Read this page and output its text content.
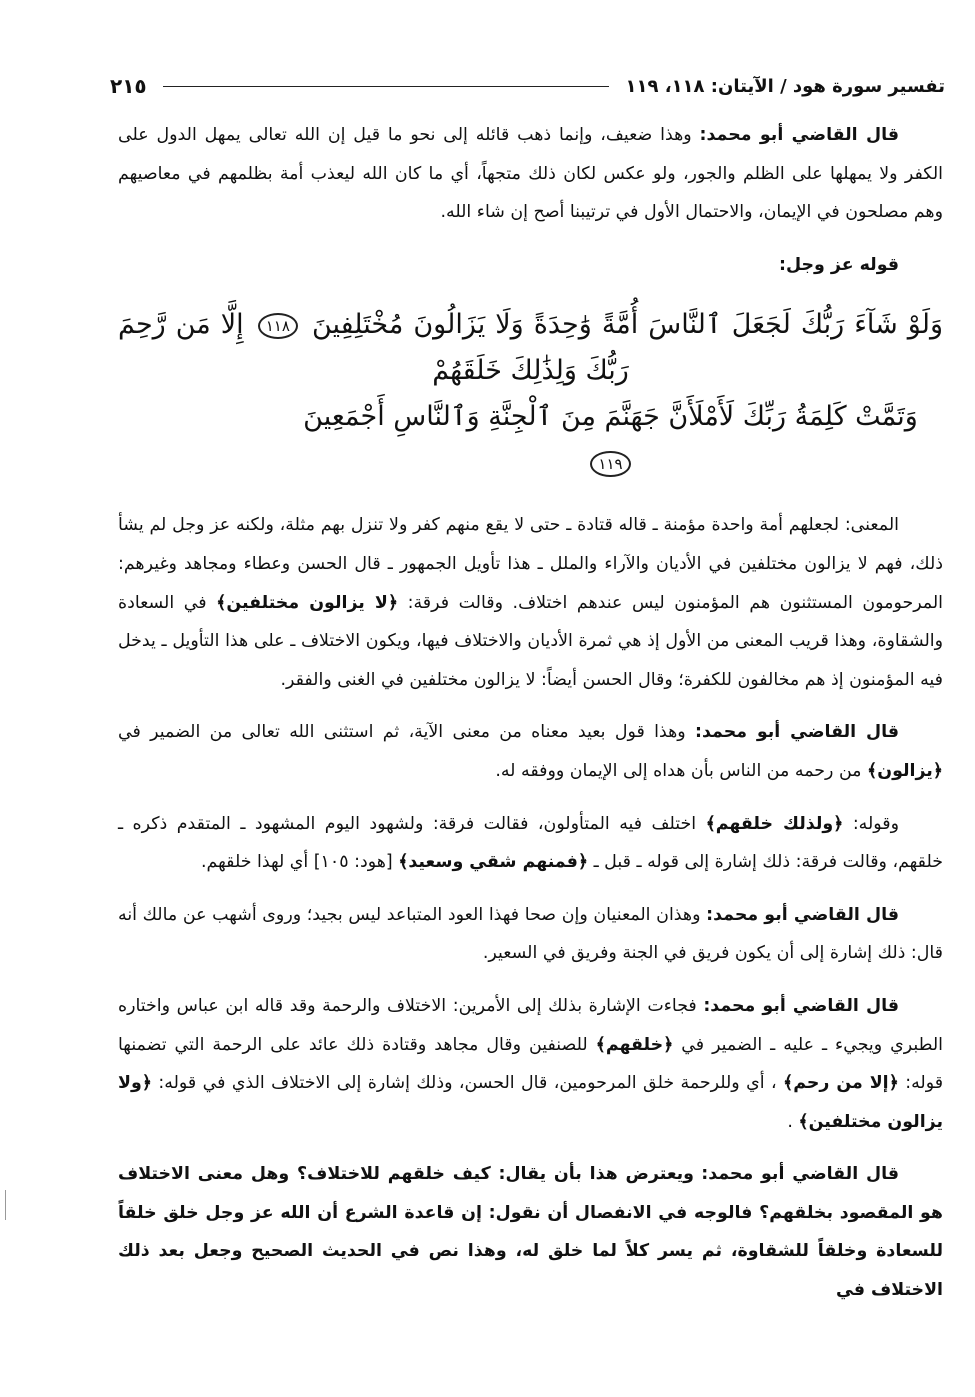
تفسير سورة هود / الآيتان: ١١٨، ١١٩
٢١٥

قال القاضي أبو محمد: وهذا ضعيف، وإنما ذهب قائله إلى نحو ما قيل إن الله تعالى يمهل الدول على الكفر ولا يمهلها على الظلم والجور، ولو عكس لكان ذلك متجهاً، أي ما كان الله ليعذب أمة بظلمهم في معاصيهم وهم مصلحون في الإيمان، والاحتمال الأول في ترتيبنا أصح إن شاء الله.

قوله عز وجل:

وَلَوْ شَآءَ رَبُّكَ لَجَعَلَ ٱلنَّاسَ أُمَّةً وَٰحِدَةً وَلَا يَزَالُونَ مُخْتَلِفِينَ ١١٨ إِلَّا مَن رَّحِمَ رَبُّكَ وَلِذَٰلِكَ خَلَقَهُمْ
وَتَمَّتْ كَلِمَةُ رَبِّكَ لَأَمْلَأَنَّ جَهَنَّمَ مِنَ ٱلْجِنَّةِ وَٱلنَّاسِ أَجْمَعِينَ ١١٩

المعنى: لجعلهم أمة واحدة مؤمنة ـ قاله قتادة ـ حتى لا يقع منهم كفر ولا تنزل بهم مثلة، ولكنه عز وجل لم يشأ ذلك، فهم لا يزالون مختلفين في الأديان والآراء والملل ـ هذا تأويل الجمهور ـ قال الحسن وعطاء ومجاهد وغيرهم: المرحومون المستثنون هم المؤمنون ليس عندهم اختلاف. وقالت فرقة: ﴿لا يزالون مختلفين﴾ في السعادة والشقاوة، وهذا قريب المعنى من الأول إذ هي ثمرة الأديان والاختلاف فيها، ويكون الاختلاف ـ على هذا التأويل ـ يدخل فيه المؤمنون إذ هم مخالفون للكفرة؛ وقال الحسن أيضاً: لا يزالون مختلفين في الغنى والفقر.

قال القاضي أبو محمد: وهذا قول بعيد معناه من معنى الآية، ثم استثنى الله تعالى من الضمير في ﴿يزالون﴾ من رحمه من الناس بأن هداه إلى الإيمان ووفقه له.

وقوله: ﴿ولذلك خلقهم﴾ اختلف فيه المتأولون، فقالت فرقة: ولشهود اليوم المشهود ـ المتقدم ذكره ـ خلقهم، وقالت فرقة: ذلك إشارة إلى قوله ـ قبل ـ ﴿فمنهم شقي وسعيد﴾ [هود: ١٠٥] أي لهذا خلقهم.

قال القاضي أبو محمد: وهذان المعنيان وإن صحا فهذا العود المتباعد ليس بجيد؛ وروى أشهب عن مالك أنه قال: ذلك إشارة إلى أن يكون فريق في الجنة وفريق في السعير.

قال القاضي أبو محمد: فجاءت الإشارة بذلك إلى الأمرين: الاختلاف والرحمة وقد قاله ابن عباس واختاره الطبري ويجيء ـ عليه ـ الضمير في ﴿خلقهم﴾ للصنفين وقال مجاهد وقتادة ذلك عائد على الرحمة التي تضمنها قوله: ﴿إلا من رحم﴾ ، أي وللرحمة خلق المرحومين، قال الحسن، وذلك إشارة إلى الاختلاف الذي في قوله: ﴿ولا يزالون مختلفين﴾ .

قال القاضي أبو محمد: ويعترض هذا بأن يقال: كيف خلقهم للاختلاف؟ وهل معنى الاختلاف هو المقصود بخلقهم؟ فالوجه في الانفصال أن نقول: إن قاعدة الشرع أن الله عز وجل خلق خلقاً للسعادة وخلقاً للشقاوة، ثم يسر كلاً لما خلق له، وهذا نص في الحديث الصحيح وجعل بعد ذلك الاختلاف في
